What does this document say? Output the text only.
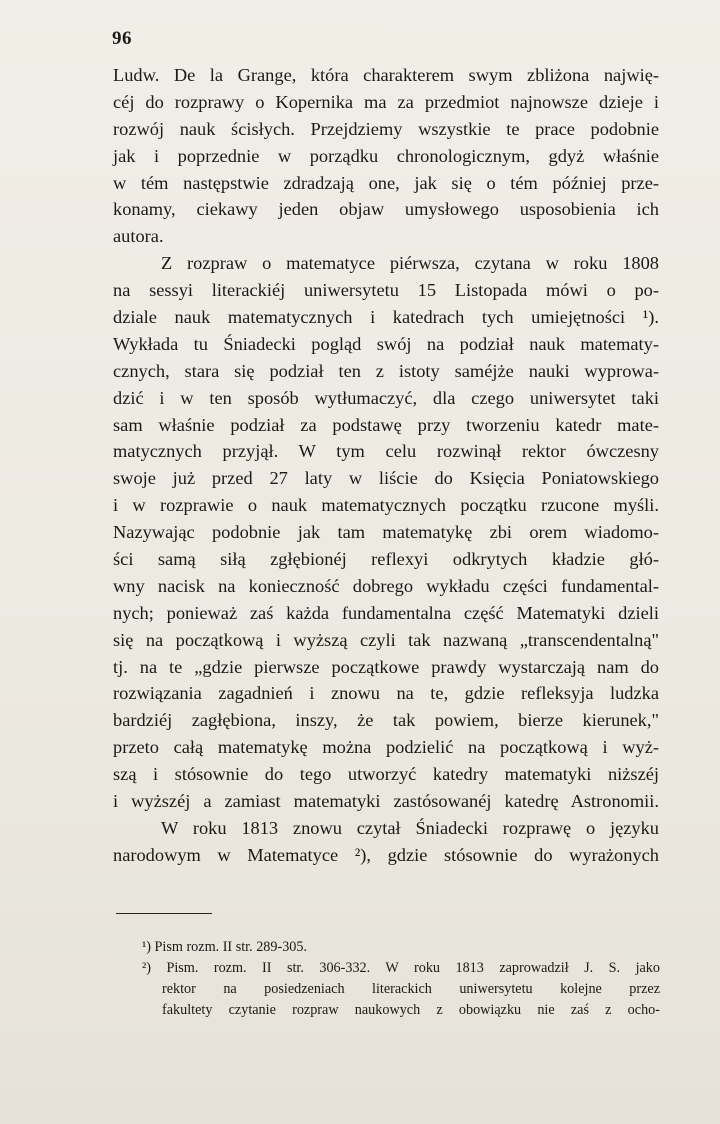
96
Ludw. De la Grange, która charakterem swym zbliżona najwię-
céj do rozprawy o Kopernika ma za przedmiot najnowsze dzieje i
rozwój nauk ścisłych. Przejdziemy wszystkie te prace podobnie
jak i poprzednie w porządku chronologicznym, gdyż właśnie
w tém następstwie zdradzają one, jak się o tém później prze-
konamy, ciekawy jeden objaw umysłowego usposobienia ich
autora.
Z rozpraw o matematyce piérwsza, czytana w roku 1808
na sessyi literackiéj uniwersytetu 15 Listopada mówi o po-
dziale nauk matematycznych i katedrach tych umiejętności ¹).
Wykłada tu Śniadecki pogląd swój na podział nauk matematy-
cznych, stara się podział ten z istoty saméjże nauki wyprowa-
dzić i w ten sposób wytłumaczyć, dla czego uniwersytet taki
sam właśnie podział za podstawę przy tworzeniu katedr mate-
matycznych przyjął. W tym celu rozwinął rektor ówczesny
swoje już przed 27 laty w liście do Księcia Poniatowskiego
i w rozprawie o nauk matematycznych początku rzucone myśli.
Nazywając podobnie jak tam matematykę zbi orem wiadomo-
ści samą siłą zgłębionéj reflexyi odkrytych kładzie głó-
wny nacisk na konieczność dobrego wykładu części fundamental-
nych; ponieważ zaś każda fundamentalna część Matematyki dzieli
się na początkową i wyższą czyli tak nazwaną „transcendentalną"
tj. na te „gdzie pierwsze początkowe prawdy wystarczają nam do
rozwiązania zagadnień i znowu na te, gdzie refleksyja ludzka
bardziéj zagłębiona, inszy, że tak powiem, bierze kierunek,"
przeto całą matematykę można podzielić na początkową i wyż-
szą i stósownie do tego utworzyć katedry matematyki niższéj
i wyższéj a zamiast matematyki zastósowanéj katedrę Astronomii.
W roku 1813 znowu czytał Śniadecki rozprawę o języku
narodowym w Matematyce ²), gdzie stósownie do wyrażonych
¹) Pism rozm. II str. 289-305.
²) Pism. rozm. II str. 306-332. W roku 1813 zaprowadził J. S. jako
rektor na posiedzeniach literackich uniwersytetu kolejne przez
fakultety czytanie rozpraw naukowych z obowiązku nie zaś z ocho-
